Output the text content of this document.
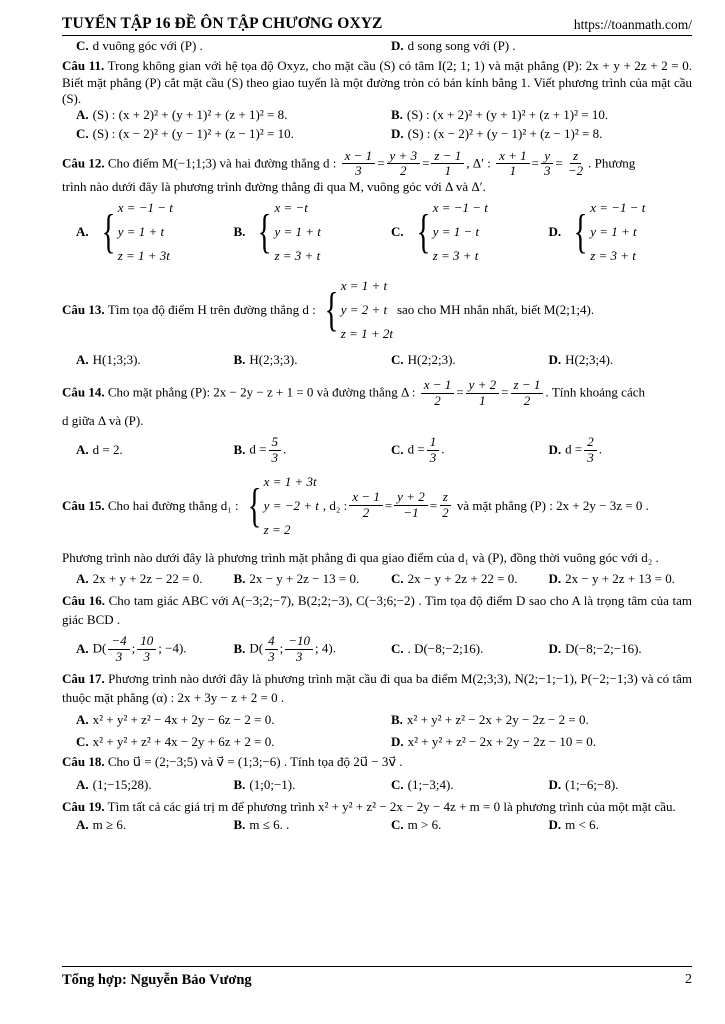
TUYỂN TẬP 16 ĐỀ ÔN TẬP CHƯƠNG OXYZ	https://toanmath.com/
C. d vuông góc với (P) .	D. d song song với (P) .

Câu 11. Trong không gian với hệ tọa độ Oxyz, cho mặt cầu (S) có tâm I(2; 1; 1) và mặt phẳng (P): 2x + y + 2z + 2 = 0. Biết mặt phẳng (P) cắt mặt cầu (S) theo giao tuyến là một đường tròn có bán kính bằng 1. Viết phương trình của mặt cầu (S).

A. (S) : (x + 2)² + (y + 1)² + (z + 1)² = 8.	B. (S) : (x + 2)² + (y + 1)² + (z + 1)² = 10.
C. (S) : (x − 2)² + (y − 1)² + (z − 1)² = 10.	D. (S) : (x − 2)² + (y − 1)² + (z − 1)² = 8.

Câu 12. Cho điểm M(−1;1;3) và hai đường thẳng d : $\frac{x - 1}{3} = \frac{y + 3}{2} = \frac{z - 1}{1}$ , Δ′ : $\frac{x + 1}{1} = \frac{y}{3} = \frac{z}{-2}$ . Phương

trình nào dưới đây là phương trình đường thẳng đi qua M, vuông góc với Δ và Δ′.

A. { x = −1 − t
y = 1 + t
z = 1 + 3t
B. { x = −t
y = 1 + t
z = 3 + t
C. { x = −1 − t
y = 1 − t
z = 3 + t
D. { x = −1 − t
y = 1 + t
z = 3 + t
Câu 13.
Tìm tọa độ điểm H trên đường thẳng d : { x = 1 + t
y = 2 + t
z = 1 + 2t
sao cho MH nhắn nhất, biết M(2;1;4).
A. H(1;3;3).	B. H(2;3;3).	C. H(2;2;3).	D. H(2;3;4).

Câu 14. Cho mặt phẳng (P): 2x − 2y − z + 1 = 0 và đường thẳng Δ : $\frac{x - 1}{2} = \frac{y + 2}{1} = \frac{z - 1}{2}$ . Tính khoảng cách

d giữa Δ và (P).

A. d = 2.	B. $d = \frac{5}{3}$ .	C. $d = \frac{1}{3}$ .	D. $d = \frac{2}{3}$ .
Câu 15.
Cho hai đường thẳng d₁ : { x = 1 + 3t
y = −2 + t
z = 2
, d₂ : $\frac{x - 1}{2} = \frac{y + 2}{-1} = \frac{z}{2}$
và mặt phẳng (P) : 2x + 2y − 3z = 0 .

Phương trình nào dưới đây là phương trình mặt phẳng đi qua giao điểm của d₁ và (P), đồng thời vuông góc với d₂ .

A. 2x + y + 2z − 22 = 0. B. 2x − y + 2z − 13 = 0. C. 2x − y + 2z + 22 = 0. D. 2x − y + 2z + 13 = 0.

Câu 16. Cho tam giác ABC với A(−3;2;−7), B(2;2;−3), C(−3;6;−2) . Tìm tọa độ điểm D sao cho A là trọng tâm của tam giác BCD .

A. $D( \frac{-4}{3}$ ; $\frac{10}{3}$ ; −4).	B. $D( \frac{4}{3}$ ; $\frac{-10}{3}$ ; 4).	C. . D(−8;−2;16).	D. D(−8;−2;−16).

Câu 17. Phương trình nào dưới đây là phương trình mặt cầu đi qua ba điểm M(2;3;3), N(2;−1;−1), P(−2;−1;3) và có tâm thuộc mặt phẳng (α) : 2x + 3y − z + 2 = 0 .

A. x² + y² + z² − 4x + 2y − 6z − 2 = 0.	B. x² + y² + z² − 2x + 2y − 2z − 2 = 0.
C. x² + y² + z² + 4x − 2y + 6z + 2 = 0.	D. x² + y² + z² − 2x + 2y − 2z − 10 = 0.

Câu 18. Cho u⃗ = (2;−3;5) và v⃗ = (1;3;−6) . Tính tọa độ 2u⃗ − 3v⃗ .

A. (1;−15;28).	B. (1;0;−1).	C. (1;−3;4).	D. (1;−6;−8).

Câu 19. Tìm tất cả các giá trị m để phương trình x² + y² + z² − 2x − 2y − 4z + m = 0 là phương trình của một mặt cầu.

A. m ≥ 6.	B. m ≤ 6. .	C. m > 6.	D. m < 6.
Tổng hợp: Nguyễn Bảo Vương	2
